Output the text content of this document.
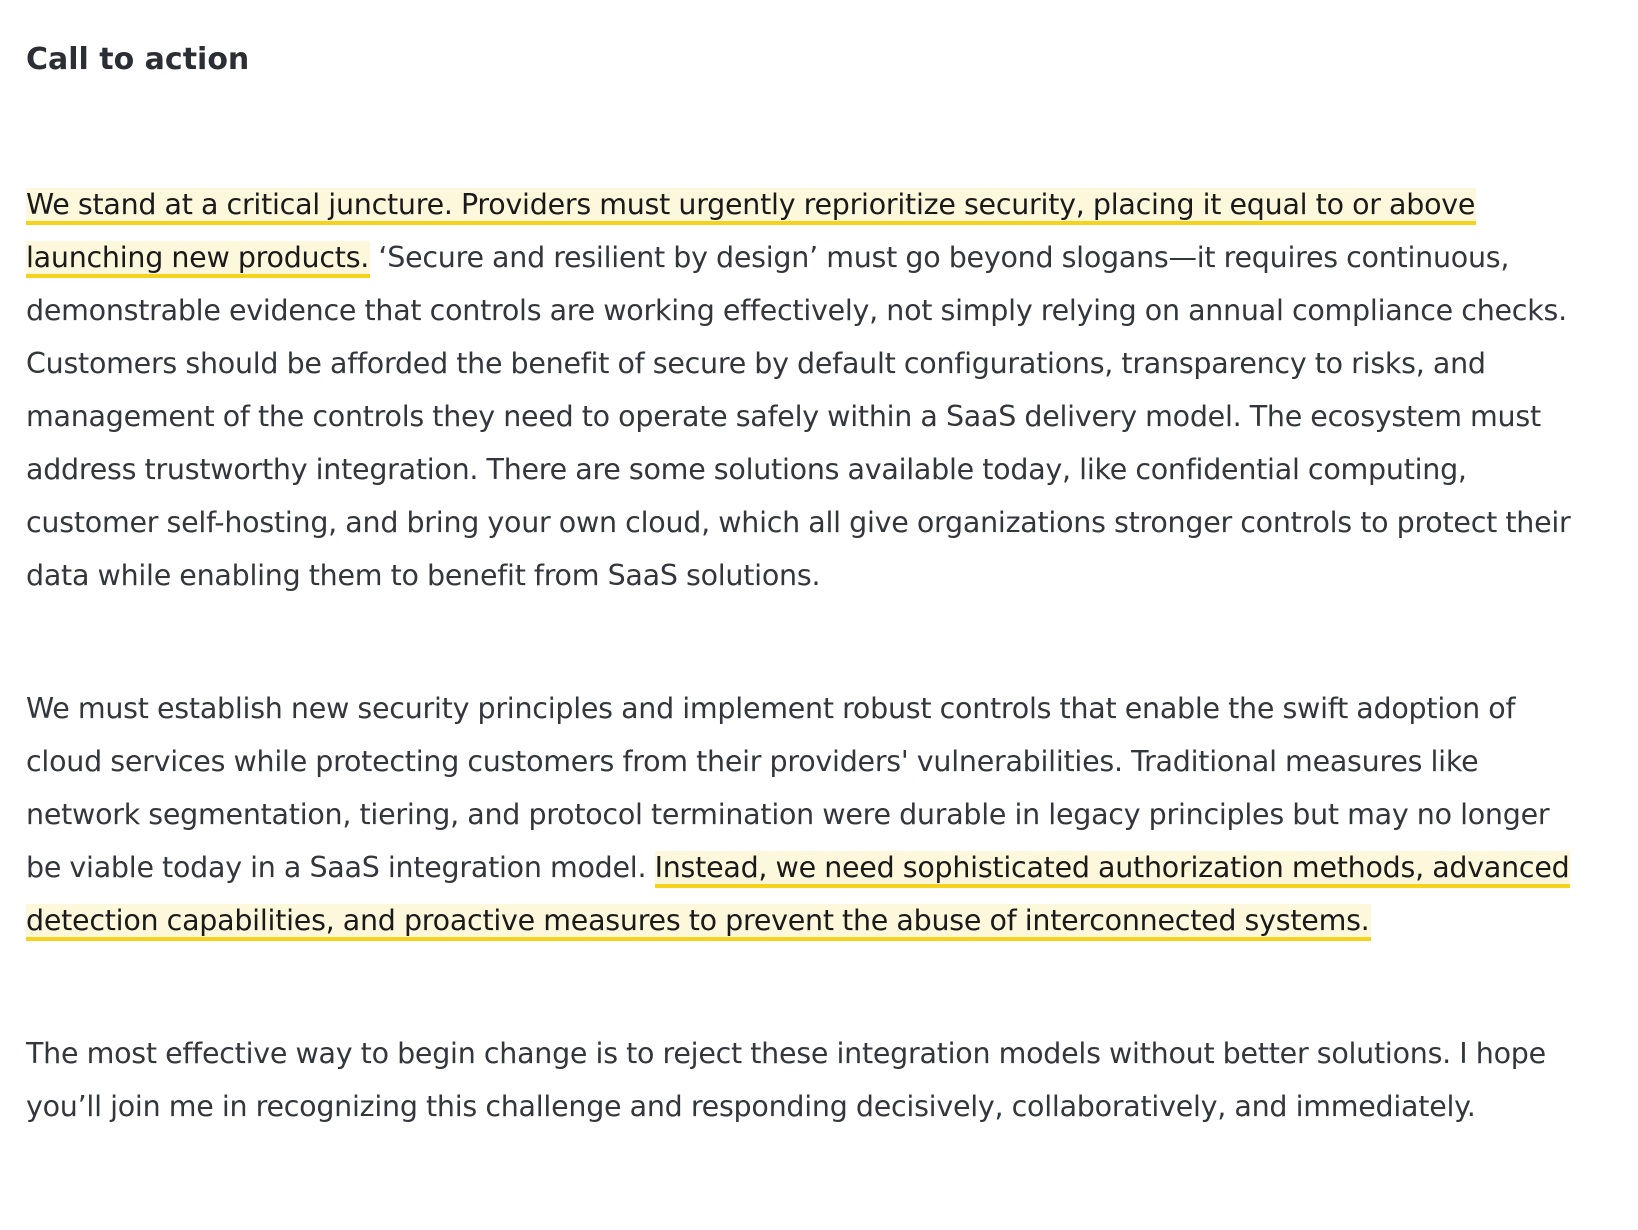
Call to action

We stand at a critical juncture. Providers must urgently reprioritize security, placing it equal to or above launching new products. ‘Secure and resilient by design’ must go beyond slogans—it requires continuous, demonstrable evidence that controls are working effectively, not simply relying on annual compliance checks. Customers should be afforded the benefit of secure by default configurations, transparency to risks, and management of the controls they need to operate safely within a SaaS delivery model. The ecosystem must address trustworthy integration. There are some solutions available today, like confidential computing, customer self-hosting, and bring your own cloud, which all give organizations stronger controls to protect their data while enabling them to benefit from SaaS solutions.

We must establish new security principles and implement robust controls that enable the swift adoption of cloud services while protecting customers from their providers' vulnerabilities. Traditional measures like network segmentation, tiering, and protocol termination were durable in legacy principles but may no longer be viable today in a SaaS integration model. Instead, we need sophisticated authorization methods, advanced detection capabilities, and proactive measures to prevent the abuse of interconnected systems.

The most effective way to begin change is to reject these integration models without better solutions. I hope you’ll join me in recognizing this challenge and responding decisively, collaboratively, and immediately.
